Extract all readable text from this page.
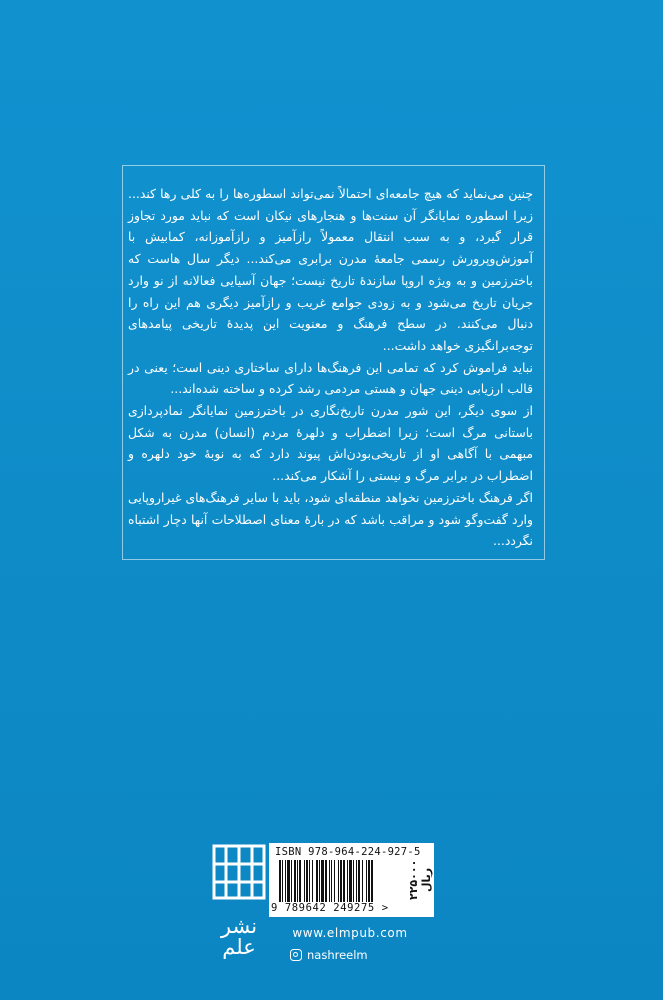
چنین می‌نماید که هیچ جامعه‌ای احتمالاً نمی‌تواند اسطوره‌ها را به کلی رها کند... زیرا اسطوره نمایانگر آن سنت‌ها و هنجارهای نیکان است که نباید مورد تجاوز قرار گیرد، و به سبب انتقال معمولاً رازآمیز و رازآموزانه، کمابیش با آموزش‌وپرورش رسمی جامعهٔ مدرن برابری می‌کند... دیگر سال هاست که باخترزمین و به ویژه اروپا سازندهٔ تاریخ نیست؛ جهان آسیایی فعالانه از نو وارد جریان تاریخ می‌شود و به زودی جوامع غریب و رازآمیز دیگری هم این راه را دنبال می‌کنند. در سطح فرهنگ و معنویت این پدیدهٔ تاریخی پیامدهای توجه‌برانگیزی خواهد داشت...

نباید فراموش کرد که تمامی این فرهنگ‌ها دارای ساختاری دینی است؛ یعنی در قالب ارزیابی دینی جهان و هستی مردمی رشد کرده و ساخته شده‌اند...

از سوی دیگر، این شور مدرن تاریخ‌نگاری در باخترزمین نمایانگر نمادپردازی باستانی مرگ است؛ زیرا اضطراب و دلهرهٔ مردم (انسان) مدرن به شکل مبهمی با آگاهی او از تاریخی‌بودن‌اش پیوند دارد که به نوبهٔ خود دلهره و اضطراب در برابر مرگ و نیستی را آشکار می‌کند...

اگر فرهنگ باخترزمین نخواهد منطقه‌ای شود، باید با سایر فرهنگ‌های غیراروپایی وارد گفت‌وگو شود و مراقب باشد که در بارهٔ معنای اصطلاحات آنها دچار اشتباه نگردد...

نشر علم
ISBN 978-964-224-927-5
9 789642 249275 >
۲۲۵۰۰۰ ریال
www.elmpub.com
nashreelm
